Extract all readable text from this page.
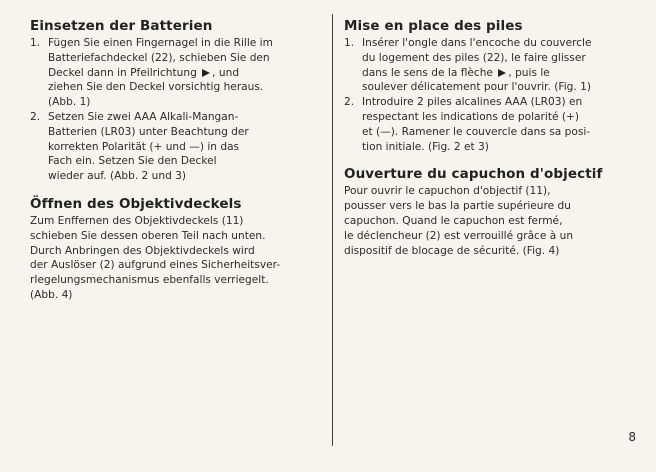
Einsetzen der Batterien
1. Fügen Sie einen Fingernagel in die Rille im
Batteriefachdeckel (22), schieben Sie den
Deckel dann in Pfeilrichtung , und
ziehen Sie den Deckel vorsichtig heraus.
(Abb. 1)
2. Setzen Sie zwei AAA Alkali-Mangan-
Batterien (LR03) unter Beachtung der
korrekten Polarität (+ und —) in das
Fach ein. Setzen Sie den Deckel
wieder auf. (Abb. 2 und 3)
Öffnen des Objektivdeckels

Zum Enffernen des Objektivdeckels (11)
schieben Sie dessen oberen Teil nach unten.
Durch Anbringen des Objektivdeckels wird
der Auslöser (2) aufgrund eines Sicherheitsver-
rIegelungsmechanismus ebenfalls verriegelt.
(Abb. 4)

Mise en place des piles
1. Insérer l'ongle dans l'encoche du couvercle
du logement des piles (22), le faire glisser
dans le sens de la flèche , puis le
soulever délicatement pour l'ouvrir. (Fig. 1)
2. Introduire 2 piles alcalines AAA (LR03) en
respectant les indications de polarité (+)
et (—). Ramener le couvercle dans sa posi-
tion initiale. (Fig. 2 et 3)
Ouverture du capuchon d'objectif

Pour ouvrir le capuchon d'objectif (11),
pousser vers le bas la partie supérieure du
capuchon. Quand le capuchon est fermé,
le déclencheur (2) est verrouillé grâce à un
dispositif de blocage de sécurité. (Fig. 4)

8
